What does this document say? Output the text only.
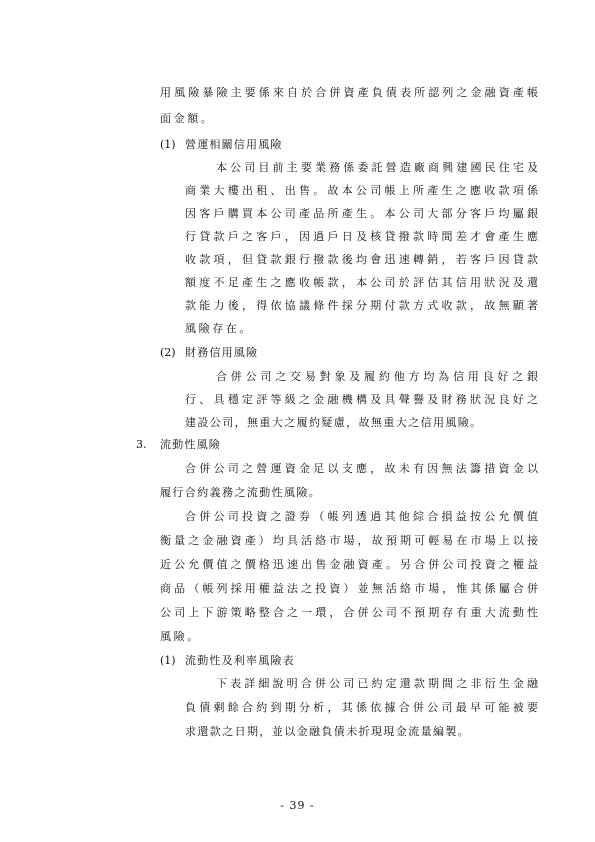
用風險暴險主要係來自於合併資產負債表所認列之金融資產帳
面金額。
(1) 營運相關信用風險
本公司目前主要業務係委託營造廠商興建國民住宅及
商業大樓出租、出售。故本公司帳上所產生之應收款項係
因客戶購買本公司產品所產生。本公司大部分客戶均屬銀
行貸款戶之客戶，因過戶日及核貸撥款時間差才會產生應
收款項，但貸款銀行撥款後均會迅速轉銷，若客戶因貸款
額度不足產生之應收帳款，本公司於評估其信用狀況及還
款能力後，得依協議條件採分期付款方式收款，故無顯著
風險存在。
(2) 財務信用風險
合併公司之交易對象及履約他方均為信用良好之銀
行、具穩定評等級之金融機構及具聲譽及財務狀況良好之
建設公司，無重大之履約疑慮，故無重大之信用風險。
3. 流動性風險
合併公司之營運資金足以支應，故未有因無法籌措資金以
履行合約義務之流動性風險。
合併公司投資之證券（帳列透過其他綜合損益按公允價值
衡量之金融資產）均具活絡市場，故預期可輕易在市場上以接
近公允價值之價格迅速出售金融資產。另合併公司投資之權益
商品（帳列採用權益法之投資）並無活絡市場，惟其係屬合併
公司上下游策略整合之一環，合併公司不預期存有重大流動性
風險。
(1) 流動性及利率風險表
下表詳細說明合併公司已約定還款期間之非衍生金融
負債剩餘合約到期分析，其係依據合併公司最早可能被要
求還款之日期，並以金融負債未折現現金流量編製。
- 39 -
